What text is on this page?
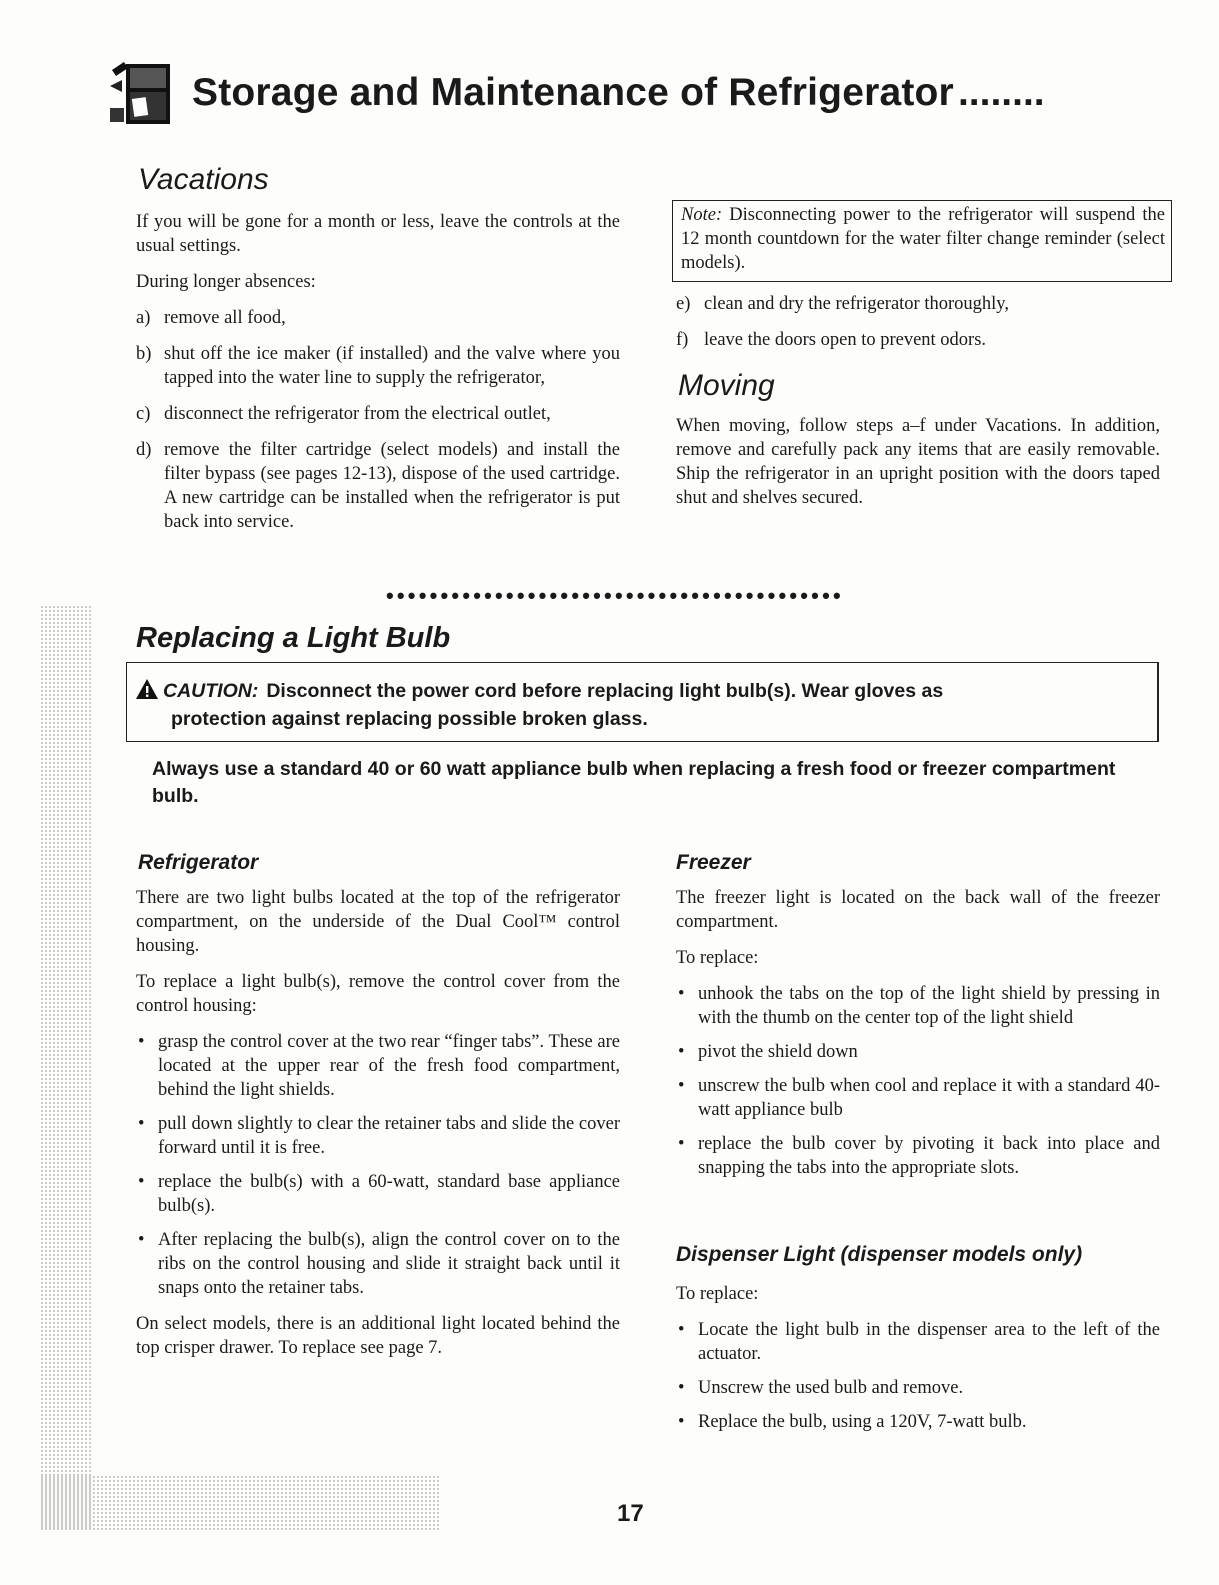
Storage and Maintenance of Refrigerator ........
Vacations

If you will be gone for a month or less, leave the controls at the usual settings.

During longer absences:

a) remove all food,
b) shut off the ice maker (if installed) and the valve where you tapped into the water line to supply the refrigerator,
c) disconnect the refrigerator from the electrical outlet,
d) remove the filter cartridge (select models) and install the filter bypass (see pages 12-13), dispose of the used cartridge. A new cartridge can be installed when the refrigerator is put back into service.
Note: Disconnecting power to the refrigerator will suspend the 12 month countdown for the water filter change reminder (select models).
e) clean and dry the refrigerator thoroughly,
f) leave the doors open to prevent odors.
Moving
When moving, follow steps a–f under Vacations. In addition, remove and carefully pack any items that are easily removable. Ship the refrigerator in an upright position with the doors taped shut and shelves secured.
••••••••••••••••••••••••••••••••••••••••••
Replacing a Light Bulb
CAUTION: Disconnect the power cord before replacing light bulb(s). Wear gloves as
protection against replacing possible broken glass.
Always use a standard 40 or 60 watt appliance bulb when replacing a fresh food or freezer compartment bulb.
Refrigerator

There are two light bulbs located at the top of the refrigerator compartment, on the underside of the Dual Cool™ control housing.

To replace a light bulb(s), remove the control cover from the control housing:

• grasp the control cover at the two rear “finger tabs”. These are located at the upper rear of the fresh food compartment, behind the light shields.
• pull down slightly to clear the retainer tabs and slide the cover forward until it is free.
• replace the bulb(s) with a 60-watt, standard base appliance bulb(s).
• After replacing the bulb(s), align the control cover on to the ribs on the control housing and slide it straight back until it snaps onto the retainer tabs.

On select models, there is an additional light located behind the top crisper drawer. To replace see page 7.

Freezer

The freezer light is located on the back wall of the freezer compartment.

To replace:

• unhook the tabs on the top of the light shield by pressing in with the thumb on the center top of the light shield
• pivot the shield down
• unscrew the bulb when cool and replace it with a standard 40-watt appliance bulb
• replace the bulb cover by pivoting it back into place and snapping the tabs into the appropriate slots.
Dispenser Light (dispenser models only)

To replace:

• Locate the light bulb in the dispenser area to the left of the actuator.
• Unscrew the used bulb and remove.
• Replace the bulb, using a 120V, 7-watt bulb.
17
